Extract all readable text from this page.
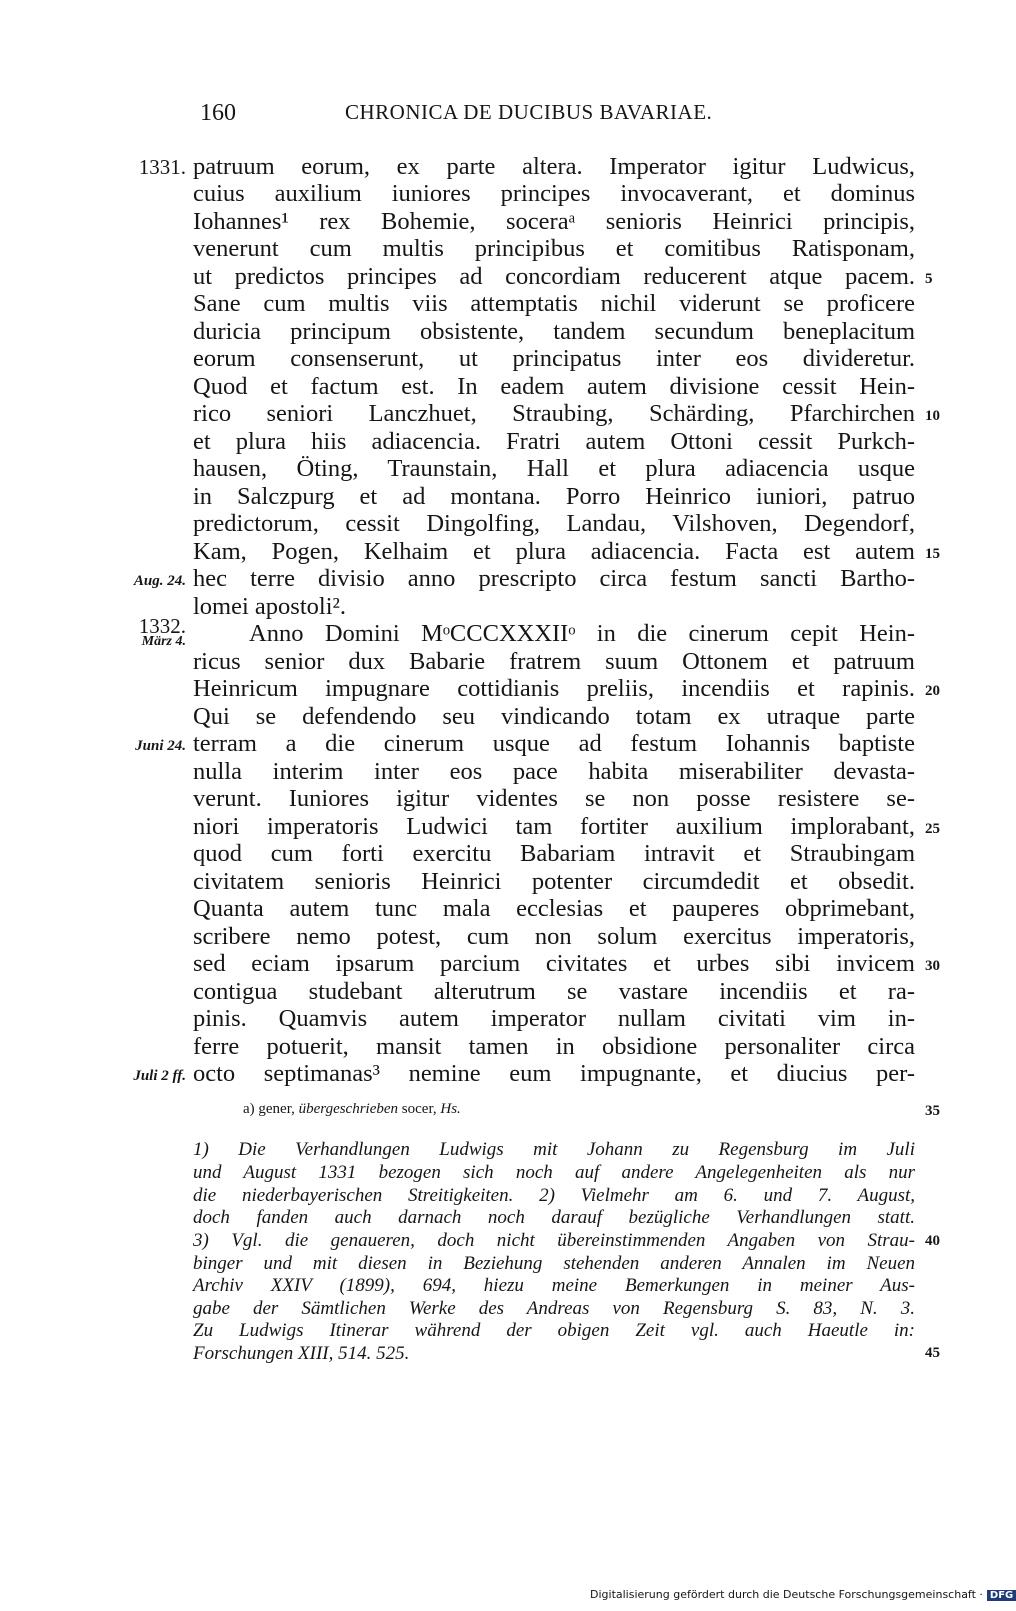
160	CHRONICA DE DUCIBUS BAVARIAE.
patruum eorum, ex parte altera. Imperator igitur Ludwicus,
cuius auxilium iuniores principes invocaverant, et dominus
Iohannes¹ rex Bohemie, soceraᵃ senioris Heinrici principis,
venerunt cum multis principibus et comitibus Ratisponam,
ut predictos principes ad concordiam reducerent atque pacem.
Sane cum multis viis attemptatis nichil viderunt se proficere
duricia principum obsistente, tandem secundum beneplacitum
eorum consenserunt, ut principatus inter eos divideretur.
Quod et factum est. In eadem autem divisione cessit Hein-
rico seniori Lanczhuet, Straubing, Schärding, Pfarchirchen
et plura hiis adiacencia. Fratri autem Ottoni cessit Purkch-
hausen, Öting, Traunstain, Hall et plura adiacencia usque
in Salczpurg et ad montana. Porro Heinrico iuniori, patruo
predictorum, cessit Dingolfing, Landau, Vilshoven, Degendorf,
Kam, Pogen, Kelhaim et plura adiacencia. Facta est autem
hec terre divisio anno prescripto circa festum sancti Bartho-
lomei apostoli².
Anno Domini MᵒCCCXXXIIᵒ in die cinerum cepit Hein-
ricus senior dux Babarie fratrem suum Ottonem et patruum
Heinricum impugnare cottidianis preliis, incendiis et rapinis.
Qui se defendendo seu vindicando totam ex utraque parte
terram a die cinerum usque ad festum Iohannis baptiste
nulla interim inter eos pace habita miserabiliter devasta-
verunt. Iuniores igitur videntes se non posse resistere se-
niori imperatoris Ludwici tam fortiter auxilium implorabant,
quod cum forti exercitu Babariam intravit et Straubingam
civitatem senioris Heinrici potenter circumdedit et obsedit.
Quanta autem tunc mala ecclesias et pauperes obprimebant,
scribere nemo potest, cum non solum exercitus imperatoris,
sed eciam ipsarum parcium civitates et urbes sibi invicem
contigua studebant alterutrum se vastare incendiis et ra-
pinis. Quamvis autem imperator nullam civitati vim in-
ferre potuerit, mansit tamen in obsidione personaliter circa
octo septimanas³ nemine eum impugnante, et diucius per-
1331.
Aug. 24.
1332.
März 4.
Juni 24.
Juli 2 ff.
5
10
15
20
25
30
a) gener, übergeschrieben socer, Hs.	35
1) Die Verhandlungen Ludwigs mit Johann zu Regensburg im Juli
und August 1331 bezogen sich noch auf andere Angelegenheiten als nur
die niederbayerischen Streitigkeiten. 2) Vielmehr am 6. und 7. August,
doch fanden auch darnach noch darauf bezügliche Verhandlungen statt.
3) Vgl. die genaueren, doch nicht übereinstimmenden Angaben von Strau-
binger und mit diesen in Beziehung stehenden anderen Annalen im Neuen
Archiv XXIV (1899), 694, hiezu meine Bemerkungen in meiner Aus-
gabe der Sämtlichen Werke des Andreas von Regensburg S. 83, N. 3.
Zu Ludwigs Itinerar während der obigen Zeit vgl. auch Haeutle in:
Forschungen XIII, 514. 525.
40
45
Digitalisierung gefördert durch die Deutsche Forschungsgemeinschaft · DFG
